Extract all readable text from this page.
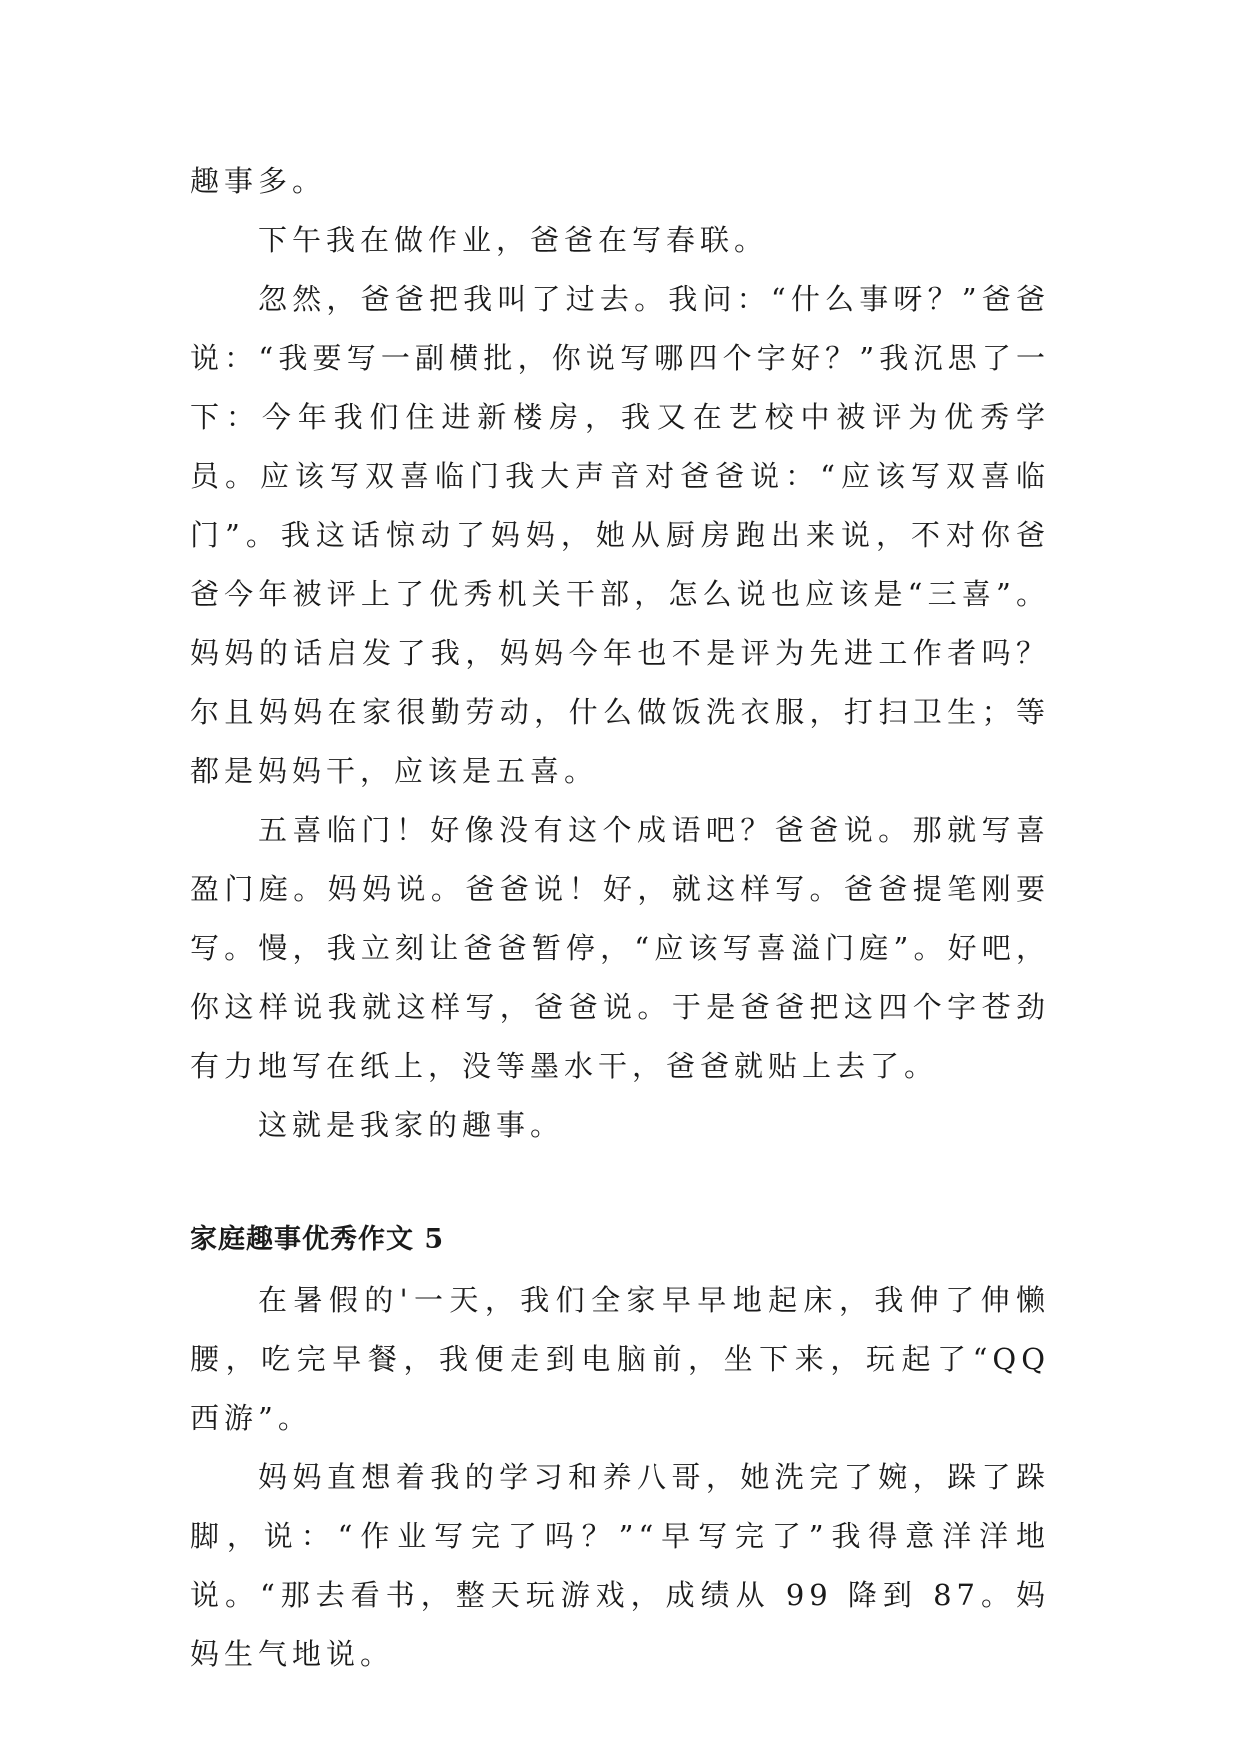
趣事多。

下午我在做作业，爸爸在写春联。

忽然，爸爸把我叫了过去。我问：“什么事呀？”爸爸说：“我要写一副横批，你说写哪四个字好？”我沉思了一下：今年我们住进新楼房，我又在艺校中被评为优秀学员。应该写双喜临门我大声音对爸爸说：“应该写双喜临门”。我这话惊动了妈妈，她从厨房跑出来说，不对你爸爸今年被评上了优秀机关干部，怎么说也应该是“三喜”。妈妈的话启发了我，妈妈今年也不是评为先进工作者吗？尔且妈妈在家很勤劳动，什么做饭洗衣服，打扫卫生；等都是妈妈干，应该是五喜。

五喜临门！好像没有这个成语吧？爸爸说。那就写喜盈门庭。妈妈说。爸爸说！好，就这样写。爸爸提笔刚要写。慢，我立刻让爸爸暂停，“应该写喜溢门庭”。好吧，你这样说我就这样写，爸爸说。于是爸爸把这四个字苍劲有力地写在纸上，没等墨水干，爸爸就贴上去了。

这就是我家的趣事。

家庭趣事优秀作文 5

在暑假的'一天，我们全家早早地起床，我伸了伸懒腰，吃完早餐，我便走到电脑前，坐下来，玩起了“QQ 西游”。

妈妈直想着我的学习和养八哥，她洗完了婉，跺了跺脚，说：“作业写完了吗？”“早写完了”我得意洋洋地说。“那去看书，整天玩游戏，成绩从 99 降到 87。妈妈生气地说。
